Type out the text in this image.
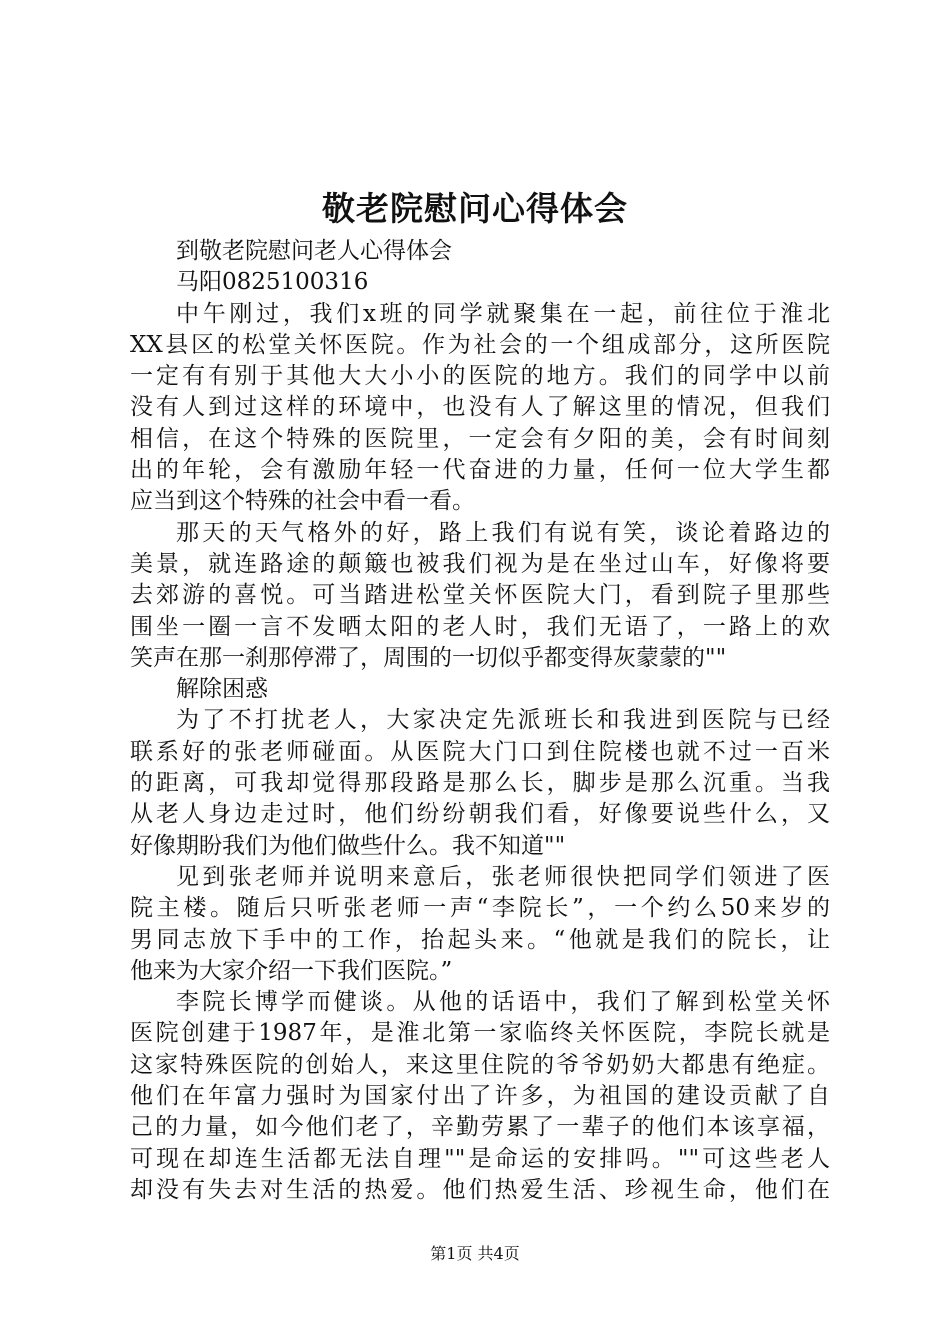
敬老院慰问心得体会
到敬老院慰问老人心得体会
马阳0825100316
中午刚过，我们x班的同学就聚集在一起，前往位于淮北
XX县区的松堂关怀医院。作为社会的一个组成部分，这所医院
一定有有别于其他大大小小的医院的地方。我们的同学中以前
没有人到过这样的环境中，也没有人了解这里的情况，但我们
相信，在这个特殊的医院里，一定会有夕阳的美，会有时间刻
出的年轮，会有激励年轻一代奋进的力量，任何一位大学生都
应当到这个特殊的社会中看一看。
那天的天气格外的好，路上我们有说有笑，谈论着路边的
美景，就连路途的颠簸也被我们视为是在坐过山车，好像将要
去郊游的喜悦。可当踏进松堂关怀医院大门，看到院子里那些
围坐一圈一言不发晒太阳的老人时，我们无语了，一路上的欢
笑声在那一刹那停滞了，周围的一切似乎都变得灰蒙蒙的""
解除困惑
为了不打扰老人，大家决定先派班长和我进到医院与已经
联系好的张老师碰面。从医院大门口到住院楼也就不过一百米
的距离，可我却觉得那段路是那么长，脚步是那么沉重。当我
从老人身边走过时，他们纷纷朝我们看，好像要说些什么，又
好像期盼我们为他们做些什么。我不知道""
见到张老师并说明来意后，张老师很快把同学们领进了医
院主楼。随后只听张老师一声“李院长”，一个约么50来岁的
男同志放下手中的工作，抬起头来。“他就是我们的院长，让
他来为大家介绍一下我们医院。”
李院长博学而健谈。从他的话语中，我们了解到松堂关怀
医院创建于1987年，是淮北第一家临终关怀医院，李院长就是
这家特殊医院的创始人，来这里住院的爷爷奶奶大都患有绝症。
他们在年富力强时为国家付出了许多，为祖国的建设贡献了自
己的力量，如今他们老了，辛勤劳累了一辈子的他们本该享福，
可现在却连生活都无法自理""是命运的安排吗。""可这些老人
却没有失去对生活的热爱。他们热爱生活、珍视生命，他们在
第1页 共4页
